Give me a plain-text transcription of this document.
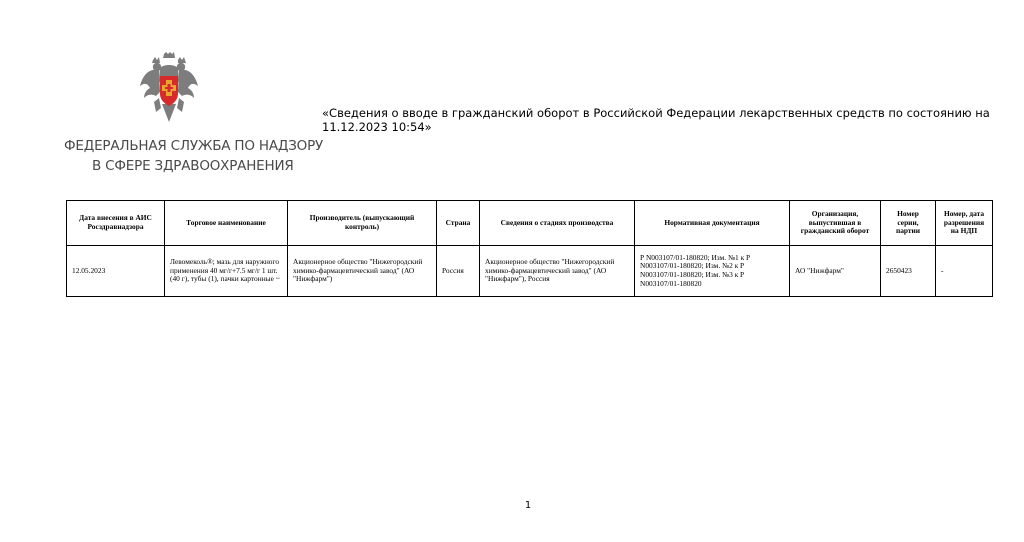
ФЕДЕРАЛЬНАЯ СЛУЖБА ПО НАДЗОРУ
В СФЕРЕ ЗДРАВООХРАНЕНИЯ
«Сведения о вводе в гражданский оборот в Российской Федерации лекарственных средств по состоянию на 11.12.2023 10:54»
Дата внесения в АИС Росздравнадзора	Торговое наименование	Производитель (выпускающий контроль)	Страна	Сведения о стадиях производства	Нормативная документация	Организация, выпустившая в гражданский оборот	Номер серии, партии	Номер, дата разрешения на НДП
12.05.2023	Левомеколь®; мазь для наружного применения 40 мг/г+7.5 мг/г 1 шт. (40 г), тубы (1), пачки картонные ~	Акционерное общество "Нижегородский химико-фармацевтический завод" (АО "Нижфарм")	Россия	Акционерное общество "Нижегородский химико-фармацевтический завод" (АО "Нижфарм"), Россия	Р N003107/01-180820; Изм. №1 к Р N003107/01-180820; Изм. №2 к Р N003107/01-180820; Изм. №3 к Р N003107/01-180820	АО "Нижфарм"	2650423	-
1
